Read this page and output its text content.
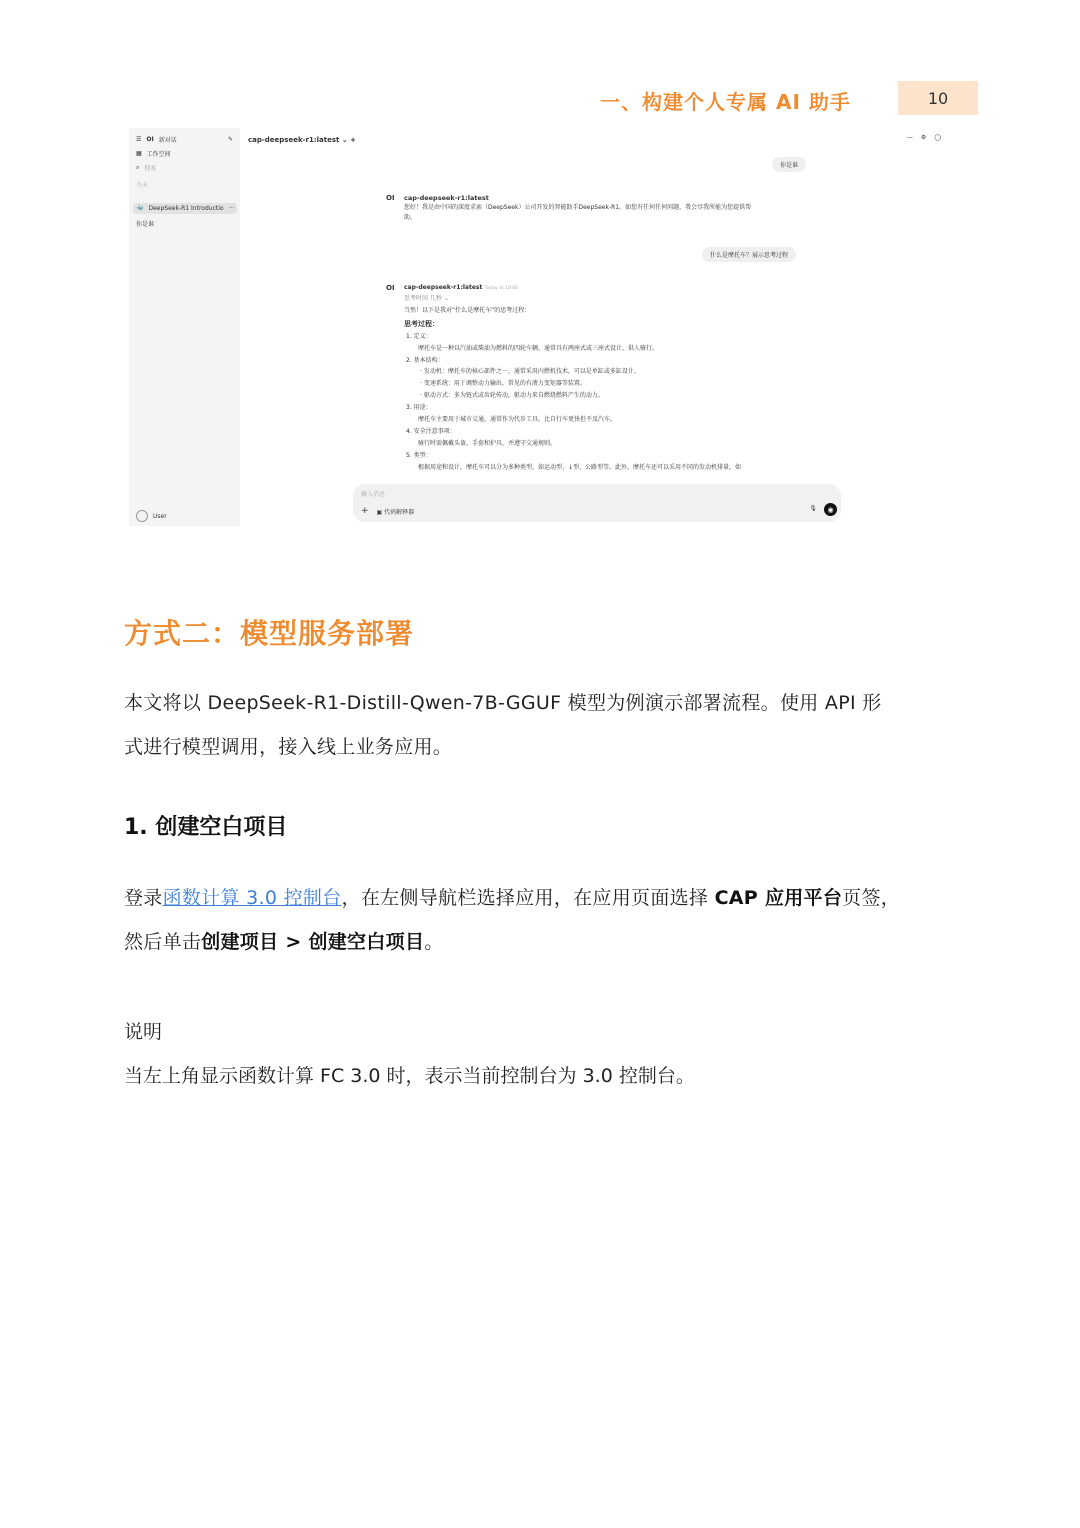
一、构建个人专属 AI 助手	10
☰ OI 新对话	✎
▦ 工作空间
⌕ 搜索
今天
🐳 DeepSeek-R1 Introductio ···
你是谁
User
cap-deepseek-r1:latest ⌄ +	— ⚙ ◯
你是谁
OI cap-deepseek-r1:latest
您好！我是由中国的深度求索（DeepSeek）公司开发的智能助手DeepSeek-R1。如您有任何任何问题，我会尽我所能为您提供帮
助。
什么是摩托车？展示思考过程
OI cap-deepseek-r1:latest Today at 10:00
思考时间 几秒 ⌄
当然！以下是我对“什么是摩托车”的思考过程：
思考过程：
1. 定义：
摩托车是一种以汽油或柴油为燃料的四轮车辆，通常具有两座式或三座式设计，供人骑行。
2. 基本结构：
· 发动机：摩托车的核心部件之一，通常采用内燃机技术，可以是单缸或多缸设计。
· 变速系统：用于调整动力输出，常见的有液力变矩器等装置。
· 驱动方式：多为链式或齿轮传动，驱动力来自燃烧燃料产生的动力。
3. 用途：
摩托车主要用于城市交通，通常作为代步工具，比自行车更快但不及汽车。
4. 安全注意事项：
骑行时需佩戴头盔、手套和护具，并遵守交通规则。
5. 类型：
根据用途和设计，摩托车可以分为多种类型，如运动型、↓型、公路型等。此外，摩托车还可以采用不同的发动机排量，如
输入消息
+ ▣ 代码解释器	🎙	◉
方式二：模型服务部署
本文将以 DeepSeek-R1-Distill-Qwen-7B-GGUF 模型为例演示部署流程。使用 API 形
式进行模型调用，接入线上业务应用。
1. 创建空白项目
登录函数计算 3.0 控制台，在左侧导航栏选择应用，在应用页面选择 CAP 应用平台页签，
然后单击创建项目 > 创建空白项目。
说明
当左上角显示函数计算 FC 3.0 时，表示当前控制台为 3.0 控制台。
